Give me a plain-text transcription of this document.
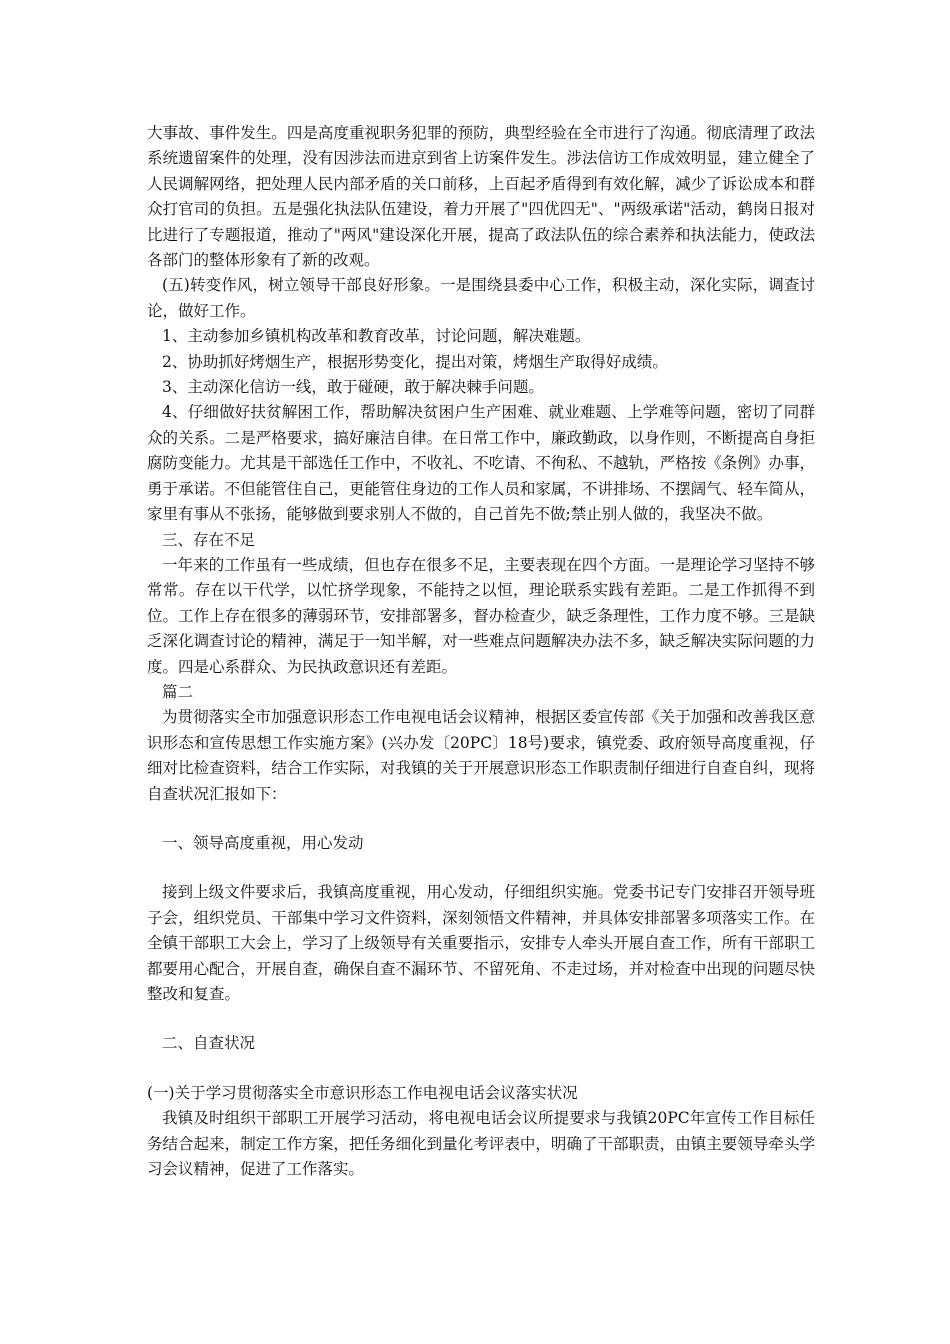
大事故、事件发生。四是高度重视职务犯罪的预防，典型经验在全市进行了沟通。彻底清理了政法系统遗留案件的处理，没有因涉法而进京到省上访案件发生。涉法信访工作成效明显，建立健全了人民调解网络，把处理人民内部矛盾的关口前移，上百起矛盾得到有效化解，减少了诉讼成本和群众打官司的负担。五是强化执法队伍建设，着力开展了"四优四无"、"两级承诺"活动，鹤岗日报对比进行了专题报道，推动了"两风"建设深化开展，提高了政法队伍的综合素养和执法能力，使政法各部门的整体形象有了新的改观。

(五)转变作风，树立领导干部良好形象。一是围绕县委中心工作，积极主动，深化实际，调查讨论，做好工作。

1、主动参加乡镇机构改革和教育改革，讨论问题，解决难题。

2、协助抓好烤烟生产，根据形势变化，提出对策，烤烟生产取得好成绩。

3、主动深化信访一线，敢于碰硬，敢于解决棘手问题。

4、仔细做好扶贫解困工作，帮助解决贫困户生产困难、就业难题、上学难等问题，密切了同群众的关系。二是严格要求，搞好廉洁自律。在日常工作中，廉政勤政，以身作则，不断提高自身拒腐防变能力。尤其是干部选任工作中，不收礼、不吃请、不徇私、不越轨，严格按《条例》办事，勇于承诺。不但能管住自己，更能管住身边的工作人员和家属，不讲排场、不摆阔气、轻车简从，家里有事从不张扬，能够做到要求别人不做的，自己首先不做;禁止别人做的，我坚决不做。

三、存在不足

一年来的工作虽有一些成绩，但也存在很多不足，主要表现在四个方面。一是理论学习坚持不够常常。存在以干代学，以忙挤学现象，不能持之以恒，理论联系实践有差距。二是工作抓得不到位。工作上存在很多的薄弱环节，安排部署多，督办检查少，缺乏条理性，工作力度不够。三是缺乏深化调查讨论的精神，满足于一知半解，对一些难点问题解决办法不多，缺乏解决实际问题的力度。四是心系群众、为民执政意识还有差距。

篇二

为贯彻落实全市加强意识形态工作电视电话会议精神，根据区委宣传部《关于加强和改善我区意识形态和宣传思想工作实施方案》(兴办发〔20PC〕18号)要求，镇党委、政府领导高度重视，仔细对比检查资料，结合工作实际，对我镇的关于开展意识形态工作职责制仔细进行自查自纠，现将自查状况汇报如下：

一、领导高度重视，用心发动

接到上级文件要求后，我镇高度重视，用心发动，仔细组织实施。党委书记专门安排召开领导班子会，组织党员、干部集中学习文件资料，深刻领悟文件精神，并具体安排部署多项落实工作。在全镇干部职工大会上，学习了上级领导有关重要指示，安排专人牵头开展自查工作，所有干部职工都要用心配合，开展自查，确保自查不漏环节、不留死角、不走过场，并对检查中出现的问题尽快整改和复查。

二、自查状况

(一)关于学习贯彻落实全市意识形态工作电视电话会议落实状况

我镇及时组织干部职工开展学习活动，将电视电话会议所提要求与我镇20PC年宣传工作目标任务结合起来，制定工作方案，把任务细化到量化考评表中，明确了干部职责，由镇主要领导牵头学习会议精神，促进了工作落实。
